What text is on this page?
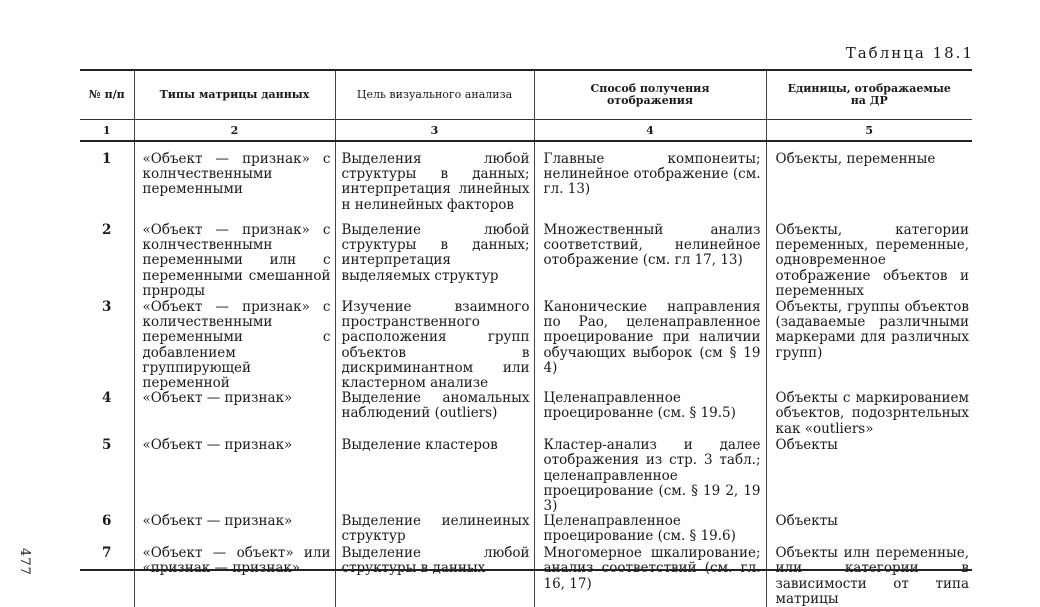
Таблнца 18.1
477
№ п/п	Типы матрицы данных	Цель визуального анализа	Способ получения отображения	Единицы, отображаемые на ДР
1	2	3	4	5

1	«Объект — признак» с колнчественными переменными	Выделения любой структуры в данных; интерпретация линейных н нелинейных факторов	Главные компонеиты; нелинейное отображение (см. гл. 13)	Объекты, переменные
2	«Объект — признак» с колнчественнымн переменными илн с переменными смешанной прнроды	Выделение любой структуры в данных; интерпретация выделяемых структур	Множественный анализ соответствий, нелинейное отображение (см. гл 17, 13)	Объекты, категории переменных, переменные, одновременное отображение объектов и переменных
3	«Объект — признак» с количественными переменными с добавлением группирующей переменной	Изучение взаимного пространственного расположения групп объектов в дискриминантном или кластерном анализе	Канонические направления по Рао, целенаправленное проецирование при наличии обучающих выборок (см § 19 4)	Объекты, группы объектов (задаваемые различными маркерами для различных групп)
4	«Объект — признак»	Выделение аномальных наблюдений (outliers)	Целенаправленное проецированне (см. § 19.5)	Объекты с маркированием объектов, подозрнтельных как «outliers»
5	«Объект — признак»	Выделение кластеров	Кластер-анализ и далее отображения из стр. 3 табл.; целенаправленное проецирование (см. § 19 2, 19 3)	Объекты
6	«Объект — признак»	Выделение иелинеиных структур	Целенаправленное проецирование (см. § 19.6)	Объекты
7	«Объект — объект» или «признак — признак»	Выделение любой структуры в данных	Многомерное шкалирование; анализ соответствий (см. гл. 16, 17)	Объекты илн переменные, или категории в зависимости от типа матрицы
